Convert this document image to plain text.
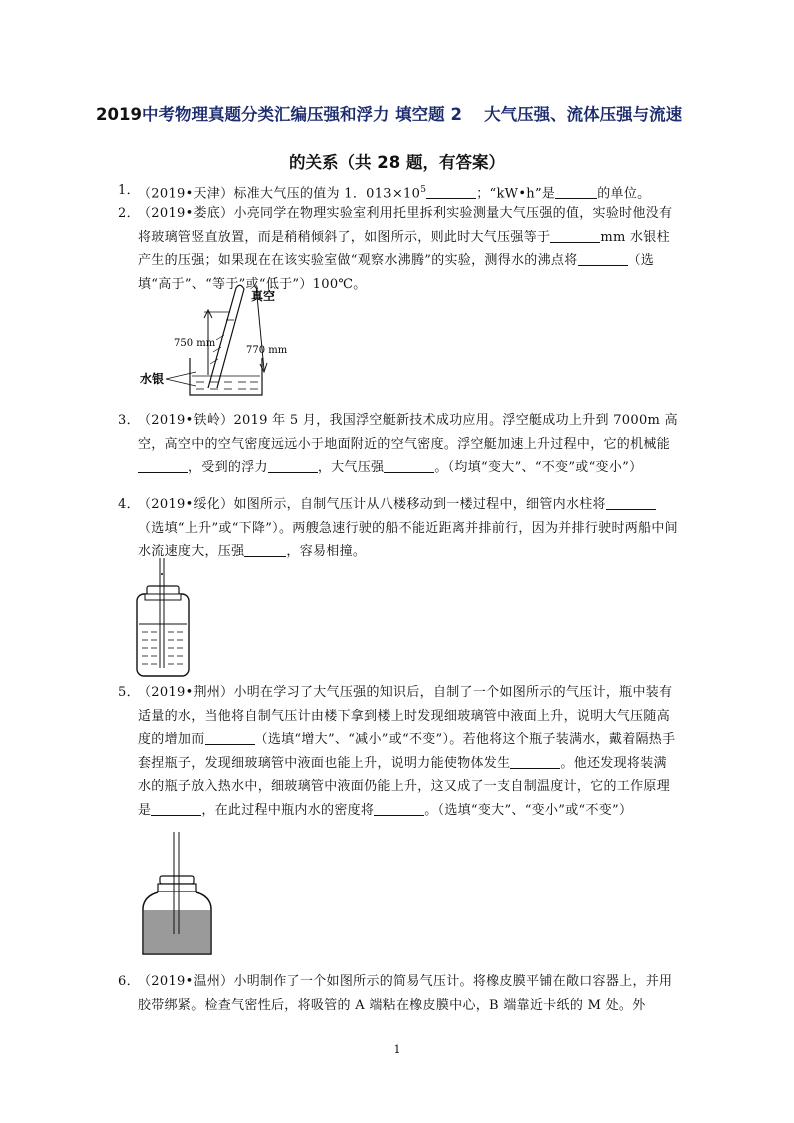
2019中考物理真题分类汇编压强和浮力 填空题 2　 大气压强、流体压强与流速
的关系（共 28 题，有答案）
1．
（2019•天津）标准大气压的值为 1．$013\times 10^5$	；“kW•h”是	的单位。
2．
（2019•娄底）小亮同学在物理实验室利用托里拆利实验测量大气压强的值，实验时他没有将玻璃管竖直放置，而是稍稍倾斜了，如图所示，则此时大气压强等于	mm 水银柱产生的压强；如果现在在该实验室做“观察水沸腾”的实验，测得水的沸点将	（选填“高于”、“等于”或“低于”）100℃。
真空
750 mm
770 mm
水银
3．
（2019•铁岭）2019 年 5 月，我国浮空艇新技术成功应用。浮空艇成功上升到 7000m 高空，高空中的空气密度远远小于地面附近的空气密度。浮空艇加速上升过程中，它的机械能，受到的浮力	，大气压强	。（均填“变大”、“不变”或“变小”）
4．
（2019•绥化）如图所示，自制气压计从八楼移动到一楼过程中，细管内水柱将（选填“上升”或“下降”）。两艘急速行驶的船不能近距离并排前行，因为并排行驶时两船中间水流速度大，压强	，容易相撞。
5．
（2019•荆州）小明在学习了大气压强的知识后，自制了一个如图所示的气压计，瓶中装有适量的水，当他将自制气压计由楼下拿到楼上时发现细玻璃管中液面上升，说明大气压随高度的增加而	（选填“增大”、“减小”或“不变”）。若他将这个瓶子装满水，戴着隔热手套捏瓶子，发现细玻璃管中液面也能上升，说明力能使物体发生	。他还发现将装满水的瓶子放入热水中，细玻璃管中液面仍能上升，这又成了一支自制温度计，它的工作原理是	，在此过程中瓶内水的密度将	。（选填“变大”、“变小”或“不变”）
6．
（2019•温州）小明制作了一个如图所示的简易气压计。将橡皮膜平铺在敞口容器上，并用胶带绑紧。检查气密性后，将吸管的 A 端粘在橡皮膜中心，B 端靠近卡纸的 M 处。外
1
